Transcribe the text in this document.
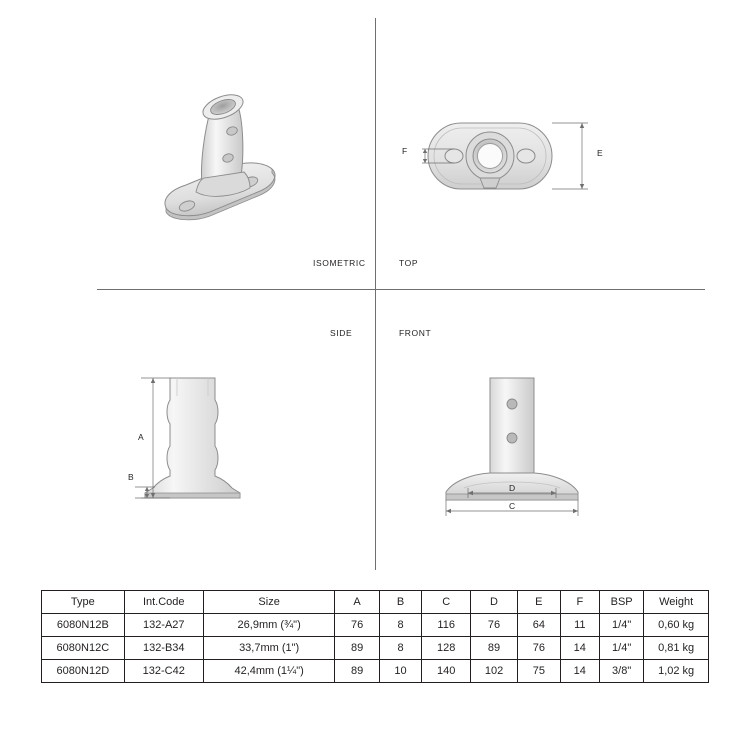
F	E
A
B
D
C
ISOMETRIC	TOP
SIDE	FRONT
Type	Int.Code	Size	A	B	C	D	E	F	BSP	Weight
6080N12B	132-A27	26,9mm (¾")	76	8	116	76	64	11	1/4"	0,60 kg
6080N12C	132-B34	33,7mm (1")	89	8	128	89	76	14	1/4"	0,81 kg
6080N12D	132-C42	42,4mm (1¼")	89	10	140	102	75	14	3/8"	1,02 kg
